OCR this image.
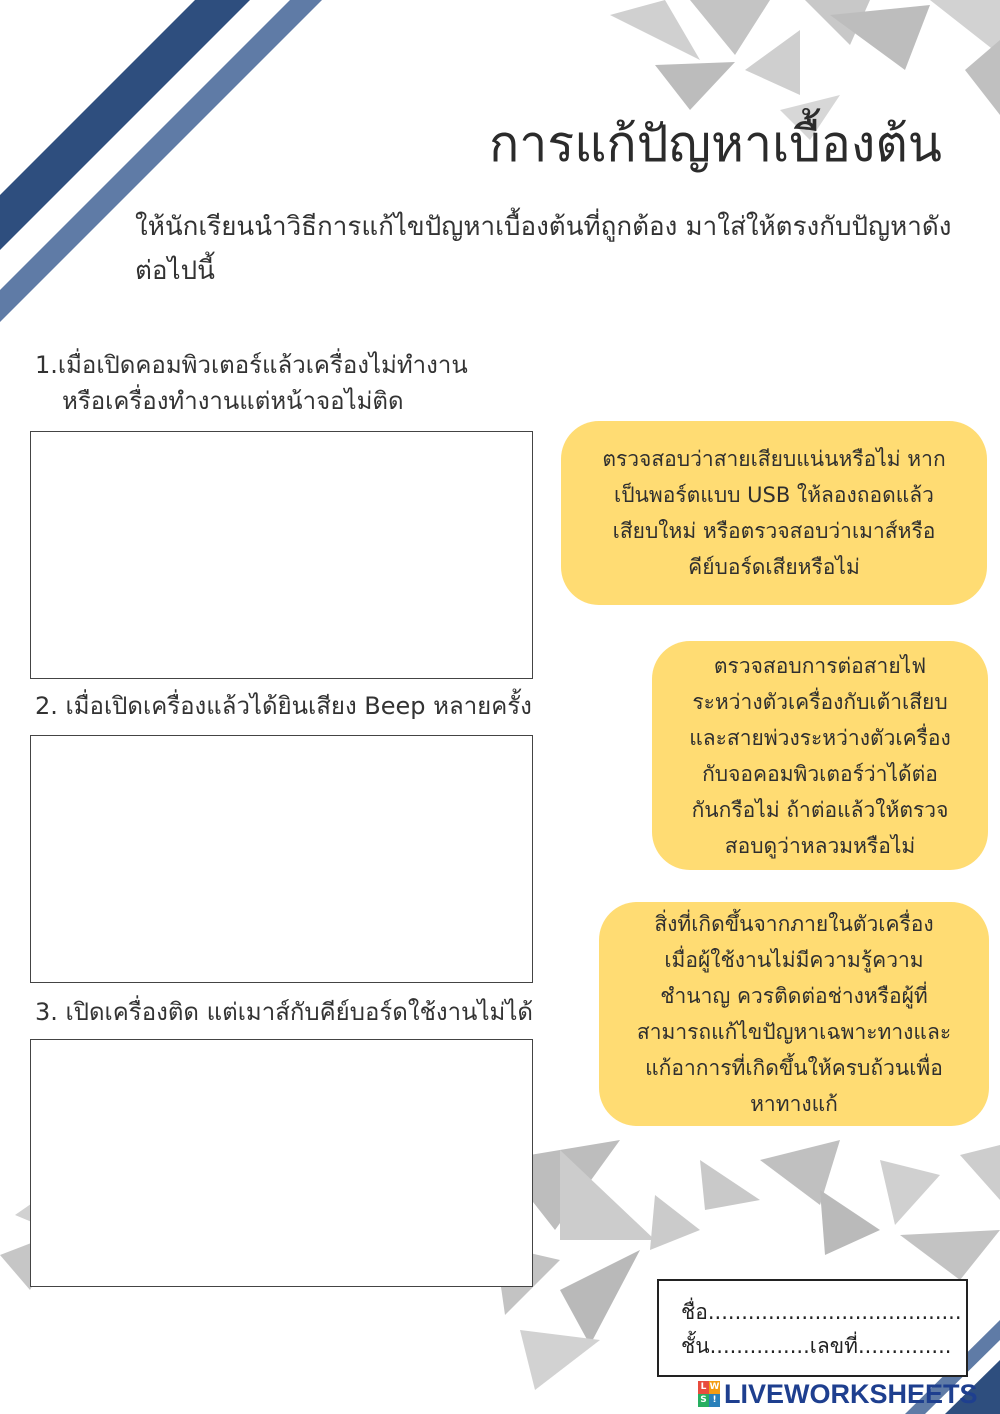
การแก้ปัญหาเบื้องต้น
ให้นักเรียนนำวิธีการแก้ไขปัญหาเบื้องต้นที่ถูกต้อง มาใส่ให้ตรงกับปัญหาดังต่อไปนี้
1.เมื่อเปิดคอมพิวเตอร์แล้วเครื่องไม่ทำงาน
หรือเครื่องทำงานแต่หน้าจอไม่ติด
2. เมื่อเปิดเครื่องแล้วได้ยินเสียง Beep หลายครั้ง
3. เปิดเครื่องติด แต่เมาส์กับคีย์บอร์ดใช้งานไม่ได้
ตรวจสอบว่าสายเสียบแน่นหรือไม่ หาก
เป็นพอร์ตแบบ USB ให้ลองถอดแล้ว
เสียบใหม่ หรือตรวจสอบว่าเมาส์หรือ
คีย์บอร์ดเสียหรือไม่
ตรวจสอบการต่อสายไฟ
ระหว่างตัวเครื่องกับเต้าเสียบ
และสายพ่วงระหว่างตัวเครื่อง
กับจอคอมพิวเตอร์ว่าได้ต่อ
กันกรือไม่ ถ้าต่อแล้วให้ตรวจ
สอบดูว่าหลวมหรือไม่
สิ่งที่เกิดขึ้นจากภายในตัวเครื่อง
เมื่อผู้ใช้งานไม่มีความรู้ความ
ชำนาญ ควรติดต่อช่างหรือผู้ที่
สามารถแก้ไขปัญหาเฉพาะทางและ
แก้อาการที่เกิดขึ้นให้ครบถ้วนเพื่อ
หาทางแก้
ชื่อ......................................
ชั้น...............เลขที่..............
L W
S ! LIVEWORKSHEETS
